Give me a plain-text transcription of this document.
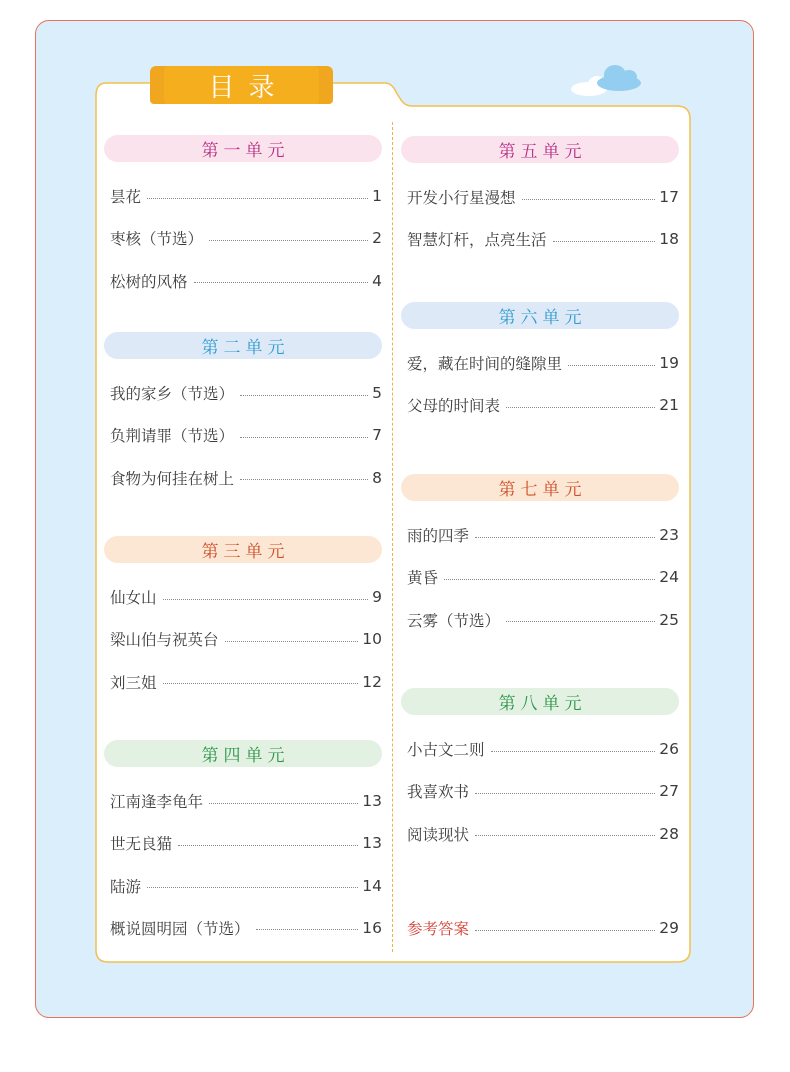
目录
第一单元
昙花	1
枣核（节选）	2
松树的风格	4
第二单元
我的家乡（节选）	5
负荆请罪（节选）	7
食物为何挂在树上	8
第三单元
仙女山	9
梁山伯与祝英台	10
刘三姐	12
第四单元
江南逢李龟年	13
世无良猫	13
陆游	14
概说圆明园（节选）	16
第五单元
开发小行星漫想	17
智慧灯杆，点亮生活	18
第六单元
爱，藏在时间的缝隙里	19
父母的时间表	21
第七单元
雨的四季	23
黄昏	24
云雾（节选）	25
第八单元
小古文二则	26
我喜欢书	27
阅读现状	28
参考答案	29
